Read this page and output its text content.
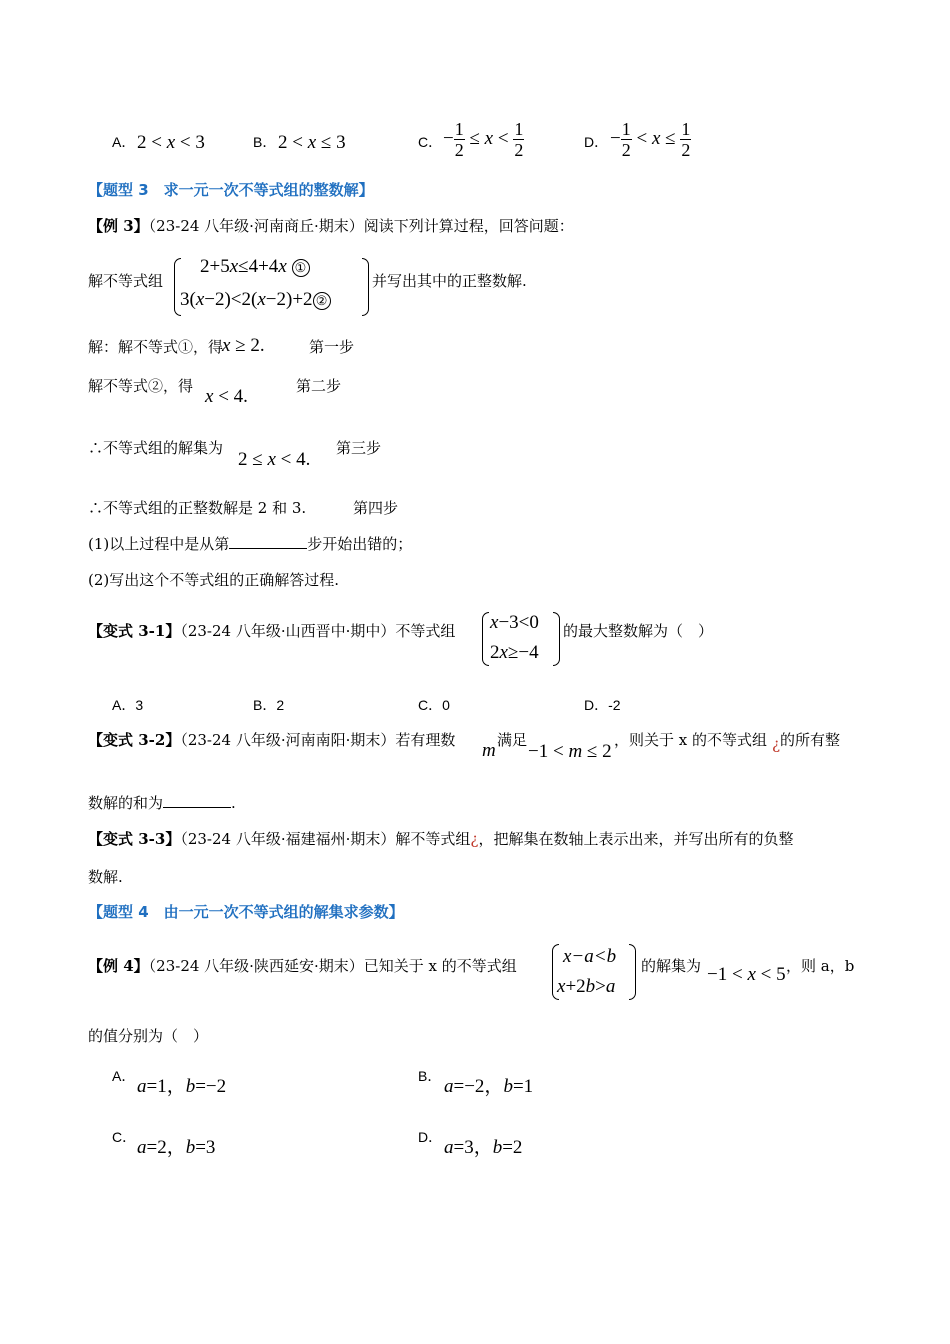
A． 2 < x < 3	B． 2 < x ≤ 3	C． − $\frac{1}{2} \le x < \frac{1}{2}$	D． − $\frac{1}{2} < x \le \frac{1}{2}$
【题型 3　求一元一次不等式组的整数解】
【例 3】（23-24 八年级·河南商丘·期末）阅读下列计算过程，回答问题：
解不等式组
2+5x≤4+4x ①
3(x−2)<2(x−2)+2 ②
并写出其中的正整数解.
解：解不等式①，得
x ≥ 2.	第一步
解不等式②，得 x < 4.	第二步
∴不等式组的解集为
2 ≤ x < 4.
第三步
∴不等式组的正整数解是 2 和 3.	第四步
(1)以上过程中是从第	步开始出错的；
(2)写出这个不等式组的正确解答过程.
【变式 3-1】（23-24 八年级·山西晋中·期中）不等式组 x−3<0
2x≥−4
的最大整数解为（　）
A．3	B．2	C．0	D．-2
【变式 3-2】（23-24 八年级·河南南阳·期末）若有理数 m 满足
−1 < m ≤ 2
，则关于 x 的不等式组 ¿ 的所有整
数解的和为	.
【变式 3-3】（23-24 八年级·福建福州·期末）解不等式组¿，把解集在数轴上表示出来，并写出所有的负整
数解.
【题型 4　由一元一次不等式组的解集求参数】
【例 4】（23-24 八年级·陕西延安·期末）已知关于 x 的不等式组 x−a<b
x+2b>a
的解集为 −1 < x < 5 ，则 a，b
的值分别为（　）
A． a=1，b=−2	B． a=−2，b=1
C． a=2，b=3	D． a=3，b=2
